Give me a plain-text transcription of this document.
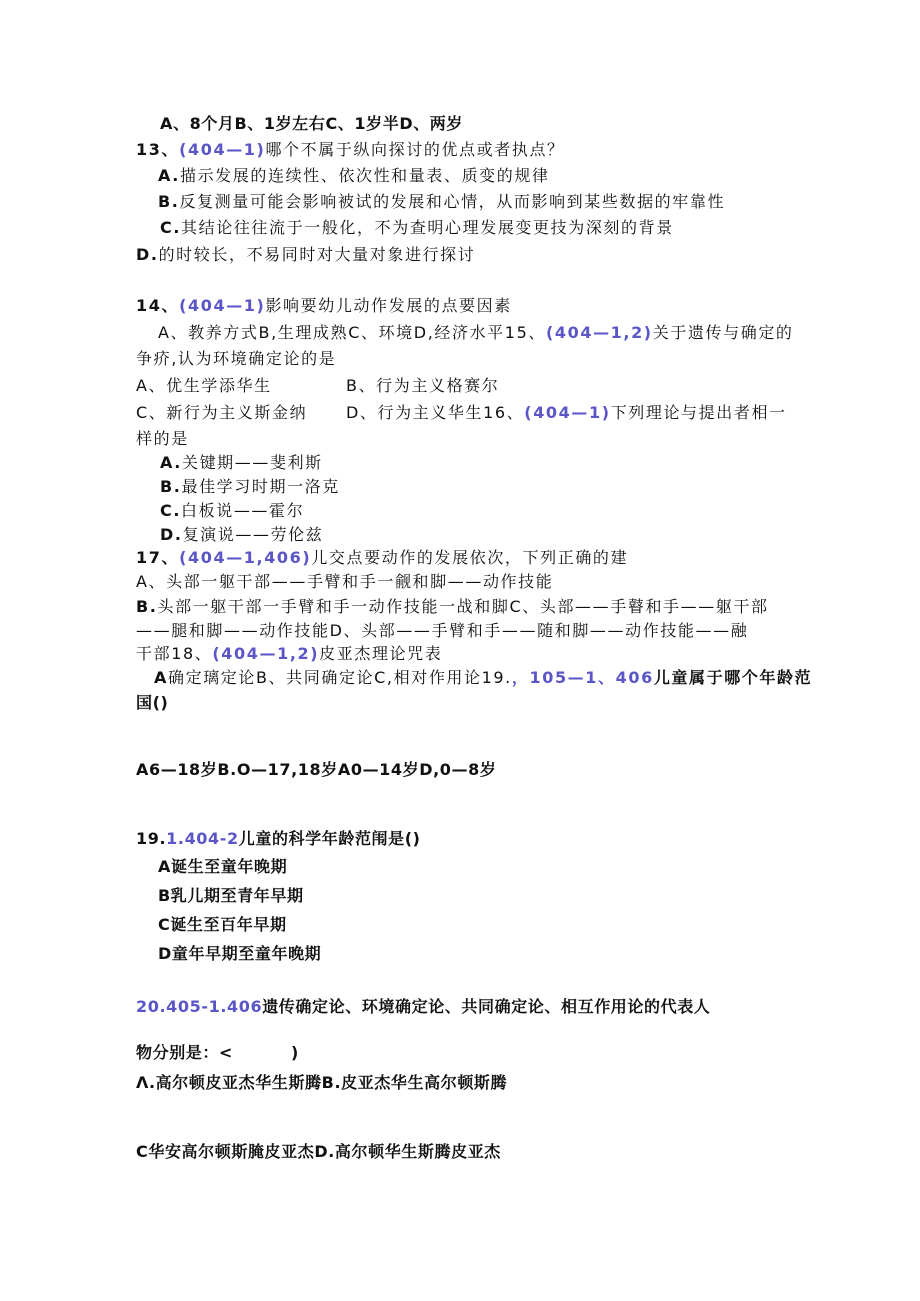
A、8个月B、1岁左右C、1岁半D、两岁
13、(404—1)哪个不属于纵向探讨的优点或者执点？
A.描示发展的连续性、依次性和量表、质变的规律
B.反复测量可能会影响被试的发展和心情，从而影响到某些数据的牢靠性
C.其结论往往流于一般化，不为查明心理发展变更技为深刻的背景
D.的时较长，不易同时对大量对象进行探讨
14、(404—1)影响要幼儿动作发展的点要因素
A、教养方式B,生理成熟C、环境D,经济水平15、(404—1,2)关于遗传与确定的
争疥,认为环境确定论的是
A、优生学添华生	B、行为主义格赛尔
C、新行为主义斯金纳 D、行为主义华生16、(404—1)下列理论与提出者相一
样的是
A.关键期——斐利斯
B.最佳学习时期一洛克
C.白板说——霍尔
D.复演说——劳伦兹
17、(404—1,406)儿交点要动作的发展依次，下列正确的建
A、头部一躯干部——手臂和手一觎和脚——动作技能
B.头部一躯干部一手臂和手一动作技能一战和脚C、头部——手瞽和手——躯干部
——腿和脚——动作技能D、头部——手臂和手——随和脚——动作技能——融
干部18、(404—1,2)皮亚杰理论咒表
A确定璃定论B、共同确定论C,相对作用论19.，105—1、406儿童属于哪个年龄范
国()
A6—18岁B.O—17,18岁A0—14岁D,0—8岁
19.1.404-2儿童的科学年龄范闱是()
A诞生至童年晚期
B乳儿期至青年早期
C诞生至百年早期
D童年早期至童年晚期
20.405-1.406遗传确定论、环境确定论、共同确定论、相互作用论的代表人
物分别是：<	)
Λ.高尔顿皮亚杰华生斯腾B.皮亚杰华生高尔顿斯腾
C华安高尔顿斯腌皮亚杰D.高尔顿华生斯腾皮亚杰
